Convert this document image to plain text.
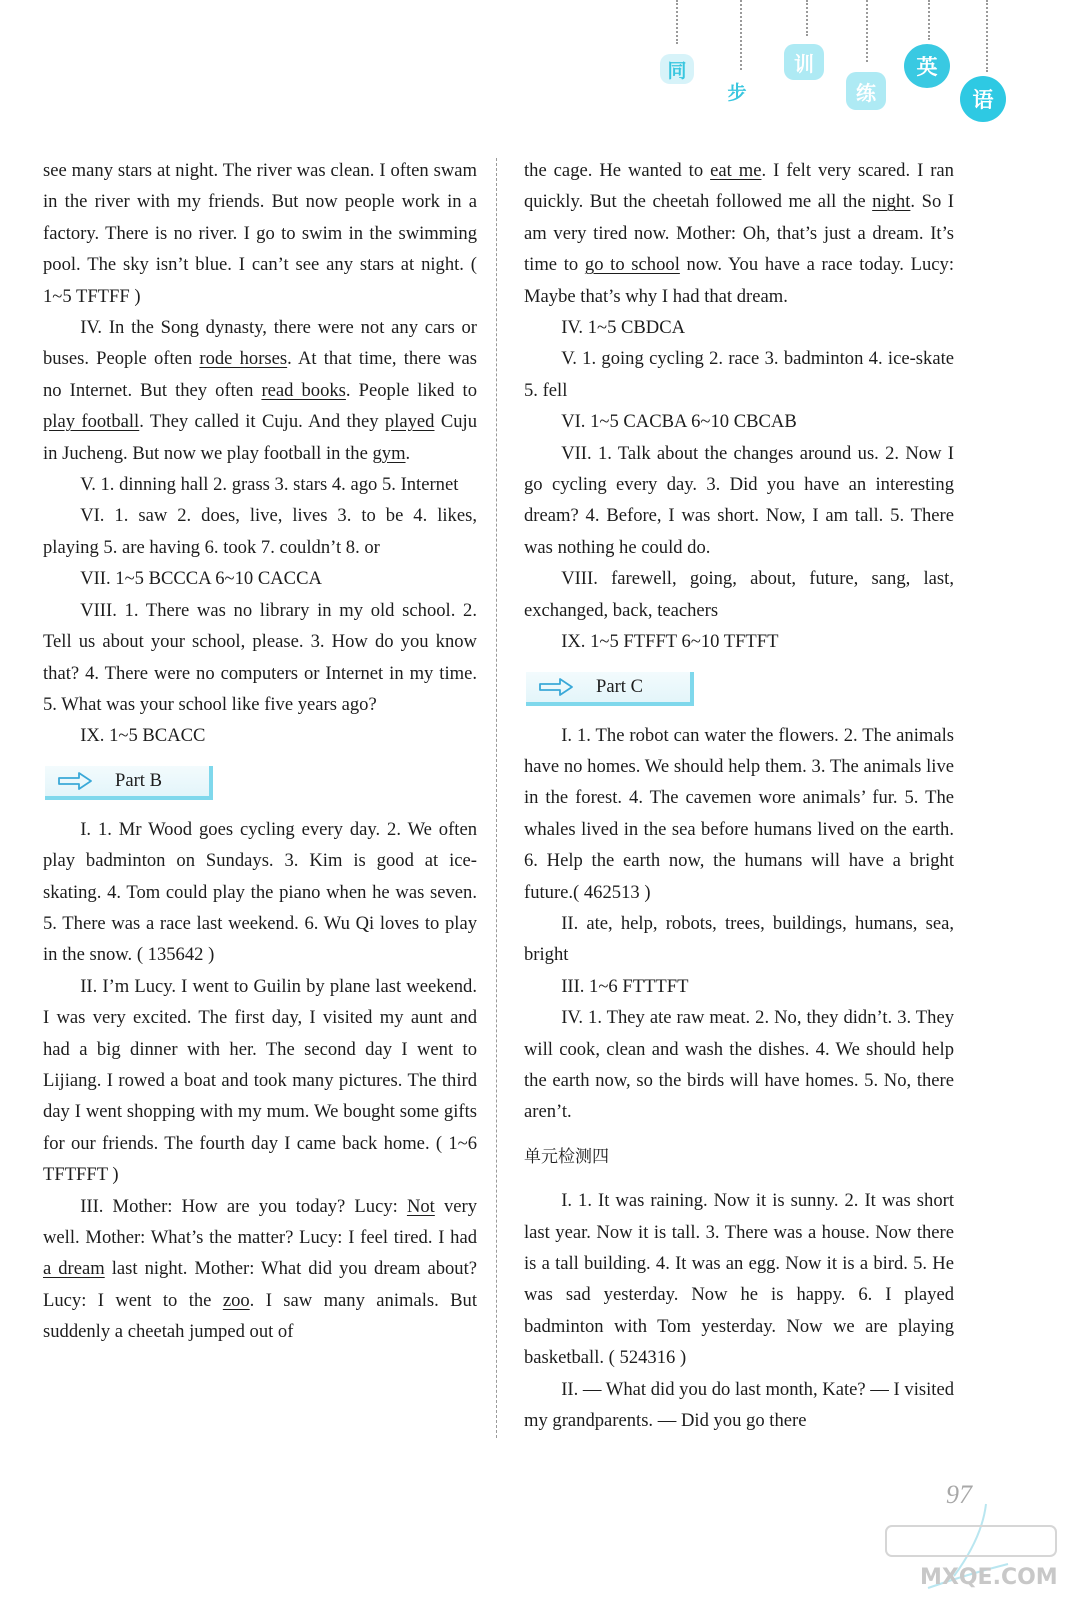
同
步
训
练
英
语

see many stars at night. The river was clean. I often swam in the river with my friends. But now people work in a factory. There is no river. I go to swim in the swimming pool. The sky isn’t blue. I can’t see any stars at night. ( 1~5 TFTFF )

IV. In the Song dynasty, there were not any cars or buses. People often rode horses. At that time, there was no Internet. But they often read books. People liked to play football. They called it Cuju. And they played Cuju in Jucheng. But now we play football in the gym.

V. 1. dinning hall 2. grass 3. stars 4. ago 5. Internet

VI. 1. saw 2. does, live, lives 3. to be 4. likes, playing 5. are having 6. took 7. couldn’t 8. or

VII. 1~5 BCCCA 6~10 CACCA

VIII. 1. There was no library in my old school. 2. Tell us about your school, please. 3. How do you know that? 4. There were no computers or Internet in my time. 5. What was your school like five years ago?

IX. 1~5 BCACC

Part B

I. 1. Mr Wood goes cycling every day. 2. We often play badminton on Sundays. 3. Kim is good at ice-skating. 4. Tom could play the piano when he was seven. 5. There was a race last weekend. 6. Wu Qi loves to play in the snow. ( 135642 )

II. I’m Lucy. I went to Guilin by plane last weekend. I was very excited. The first day, I visited my aunt and had a big dinner with her. The second day I went to Lijiang. I rowed a boat and took many pictures. The third day I went shopping with my mum. We bought some gifts for our friends. The fourth day I came back home. ( 1~6 TFTFFT )

III. Mother: How are you today? Lucy: Not very well. Mother: What’s the matter? Lucy: I feel tired. I had a dream last night. Mother: What did you dream about? Lucy: I went to the zoo. I saw many animals. But suddenly a cheetah jumped out of

the cage. He wanted to eat me. I felt very scared. I ran quickly. But the cheetah followed me all the night. So I am very tired now. Mother: Oh, that’s just a dream. It’s time to go to school now. You have a race today. Lucy: Maybe that’s why I had that dream.

IV. 1~5 CBDCA

V. 1. going cycling 2. race 3. badminton 4. ice-skate 5. fell

VI. 1~5 CACBA 6~10 CBCAB

VII. 1. Talk about the changes around us. 2. Now I go cycling every day. 3. Did you have an interesting dream? 4. Before, I was short. Now, I am tall. 5. There was nothing he could do.

VIII. farewell, going, about, future, sang, last, exchanged, back, teachers

IX. 1~5 FTFFT 6~10 TFTFT

Part C

I. 1. The robot can water the flowers. 2. The animals have no homes. We should help them. 3. The animals live in the forest. 4. The cavemen wore animals’ fur. 5. The whales lived in the sea before humans lived on the earth. 6. Help the earth now, the humans will have a bright future.( 462513 )

II. ate, help, robots, trees, buildings, humans, sea, bright

III. 1~6 FTTTFT

IV. 1. They ate raw meat. 2. No, they didn’t. 3. They will cook, clean and wash the dishes. 4. We should help the earth now, so the birds will have homes. 5. No, there aren’t.

单元检测四

I. 1. It was raining. Now it is sunny. 2. It was short last year. Now it is tall. 3. There was a house. Now there is a tall building. 4. It was an egg. Now it is a bird. 5. He was sad yesterday. Now he is happy. 6. I played badminton with Tom yesterday. Now we are playing basketball. ( 524316 )

II. — What did you do last month, Kate? — I visited my grandparents. — Did you go there

97
MXQE.COM
